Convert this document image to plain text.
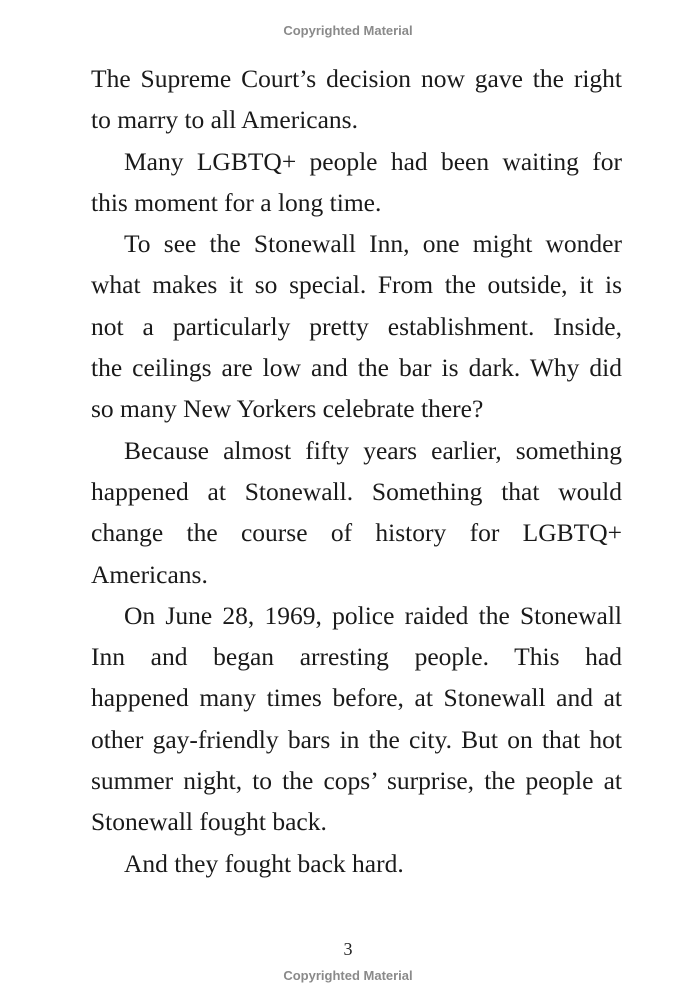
Copyrighted Material
The Supreme Court’s decision now gave the right
to marry to all Americans.
Many LGBTQ+ people had been waiting for
this moment for a long time.
To see the Stonewall Inn, one might wonder
what makes it so special. From the outside, it is
not a particularly pretty establishment. Inside,
the ceilings are low and the bar is dark. Why did
so many New Yorkers celebrate there?
Because almost fifty years earlier, something
happened at Stonewall. Something that would
change the course of history for LGBTQ+
Americans.
On June 28, 1969, police raided the Stonewall
Inn and began arresting people. This had
happened many times before, at Stonewall and at
other gay-friendly bars in the city. But on that hot
summer night, to the cops’ surprise, the people at
Stonewall fought back.
And they fought back hard.
3
Copyrighted Material
